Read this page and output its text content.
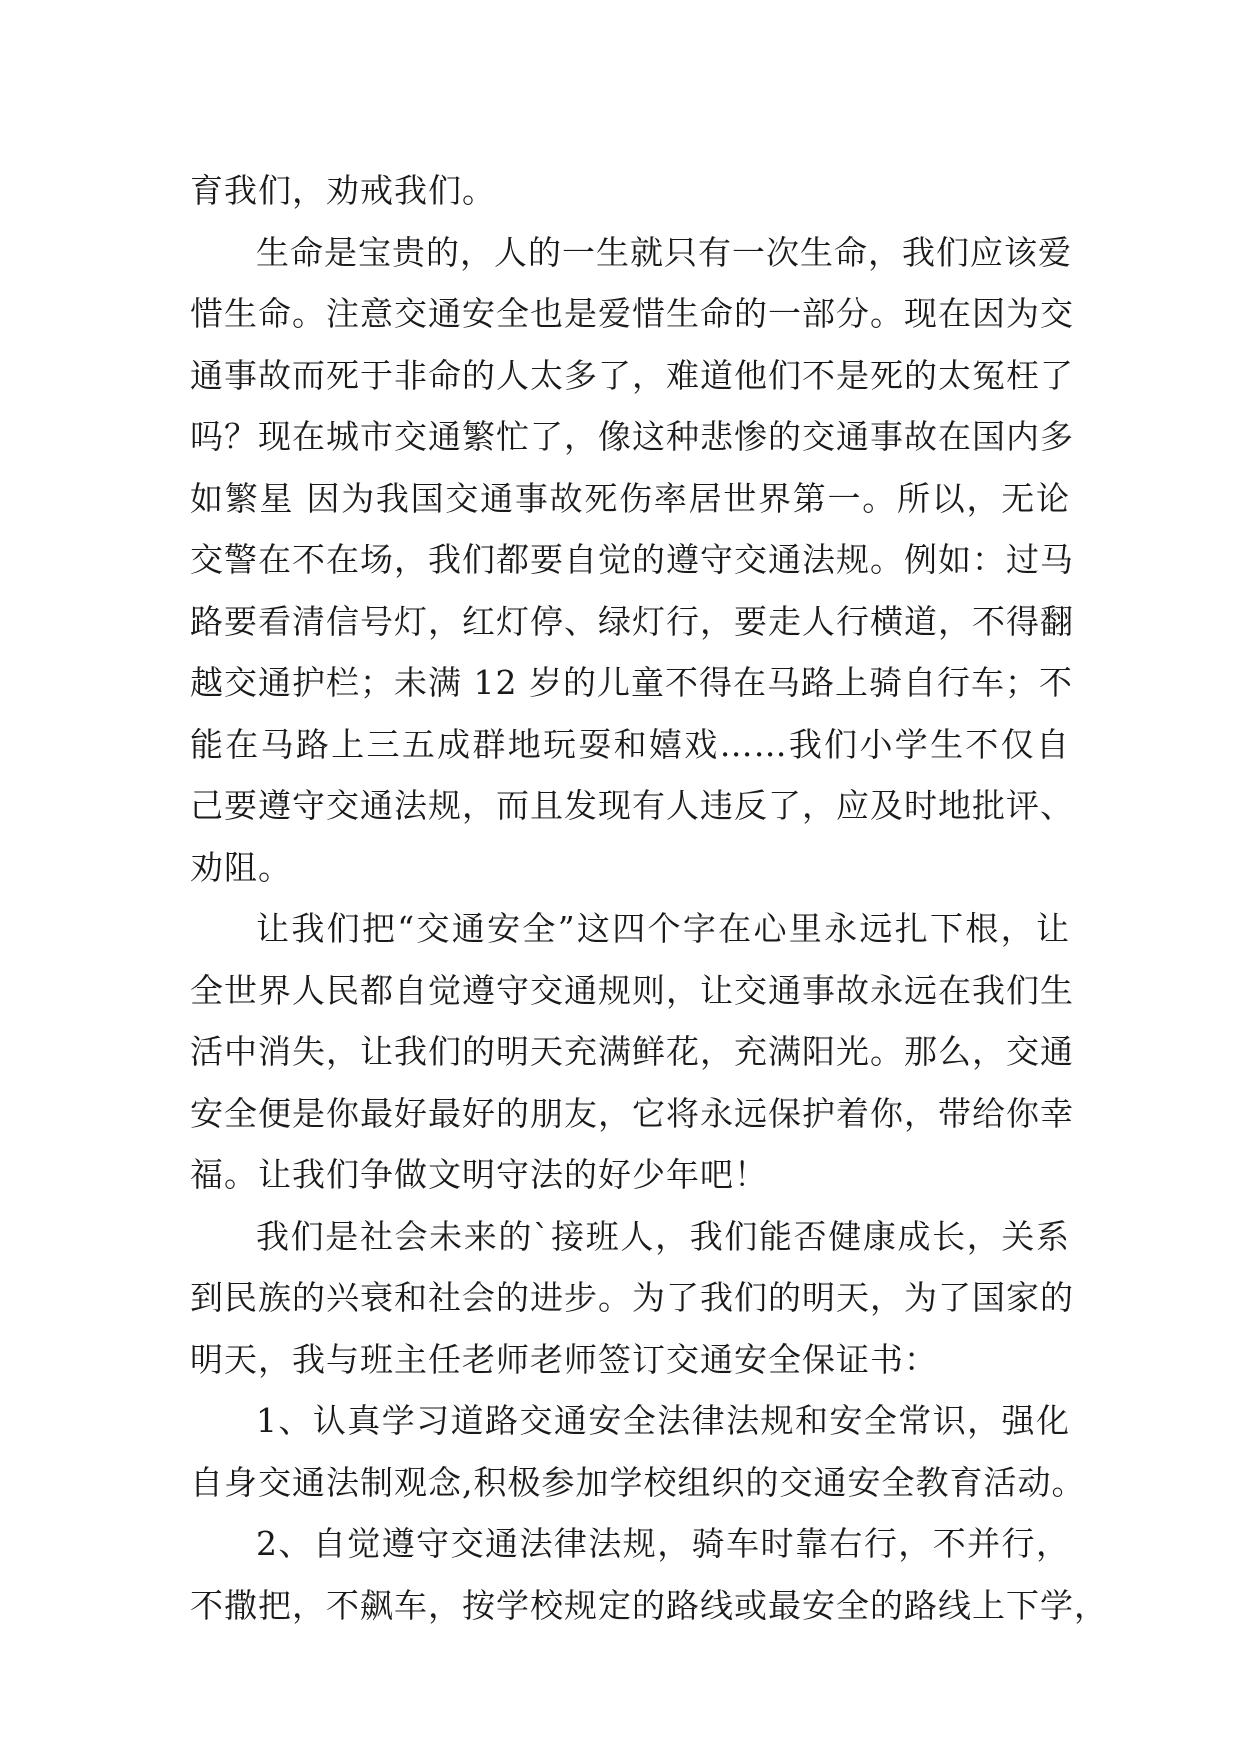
育我们，劝戒我们。
生命是宝贵的，人的一生就只有一次生命，我们应该爱
惜生命。注意交通安全也是爱惜生命的一部分。现在因为交
通事故而死于非命的人太多了，难道他们不是死的太冤枉了
吗？现在城市交通繁忙了，像这种悲惨的交通事故在国内多
如繁星 因为我国交通事故死伤率居世界第一。所以，无论
交警在不在场，我们都要自觉的遵守交通法规。例如：过马
路要看清信号灯，红灯停、绿灯行，要走人行横道，不得翻
越交通护栏；未满 12 岁的儿童不得在马路上骑自行车；不
能在马路上三五成群地玩耍和嬉戏……我们小学生不仅自
己要遵守交通法规，而且发现有人违反了，应及时地批评、
劝阻。
让我们把“交通安全”这四个字在心里永远扎下根，让
全世界人民都自觉遵守交通规则，让交通事故永远在我们生
活中消失，让我们的明天充满鲜花，充满阳光。那么，交通
安全便是你最好最好的朋友，它将永远保护着你，带给你幸
福。让我们争做文明守法的好少年吧！
我们是社会未来的`接班人，我们能否健康成长，关系
到民族的兴衰和社会的进步。为了我们的明天，为了国家的
明天，我与班主任老师老师签订交通安全保证书：
1、认真学习道路交通安全法律法规和安全常识，强化
自身交通法制观念,积极参加学校组织的交通安全教育活动。
2、自觉遵守交通法律法规，骑车时靠右行，不并行，
不撒把，不飙车，按学校规定的路线或最安全的路线上下学，
